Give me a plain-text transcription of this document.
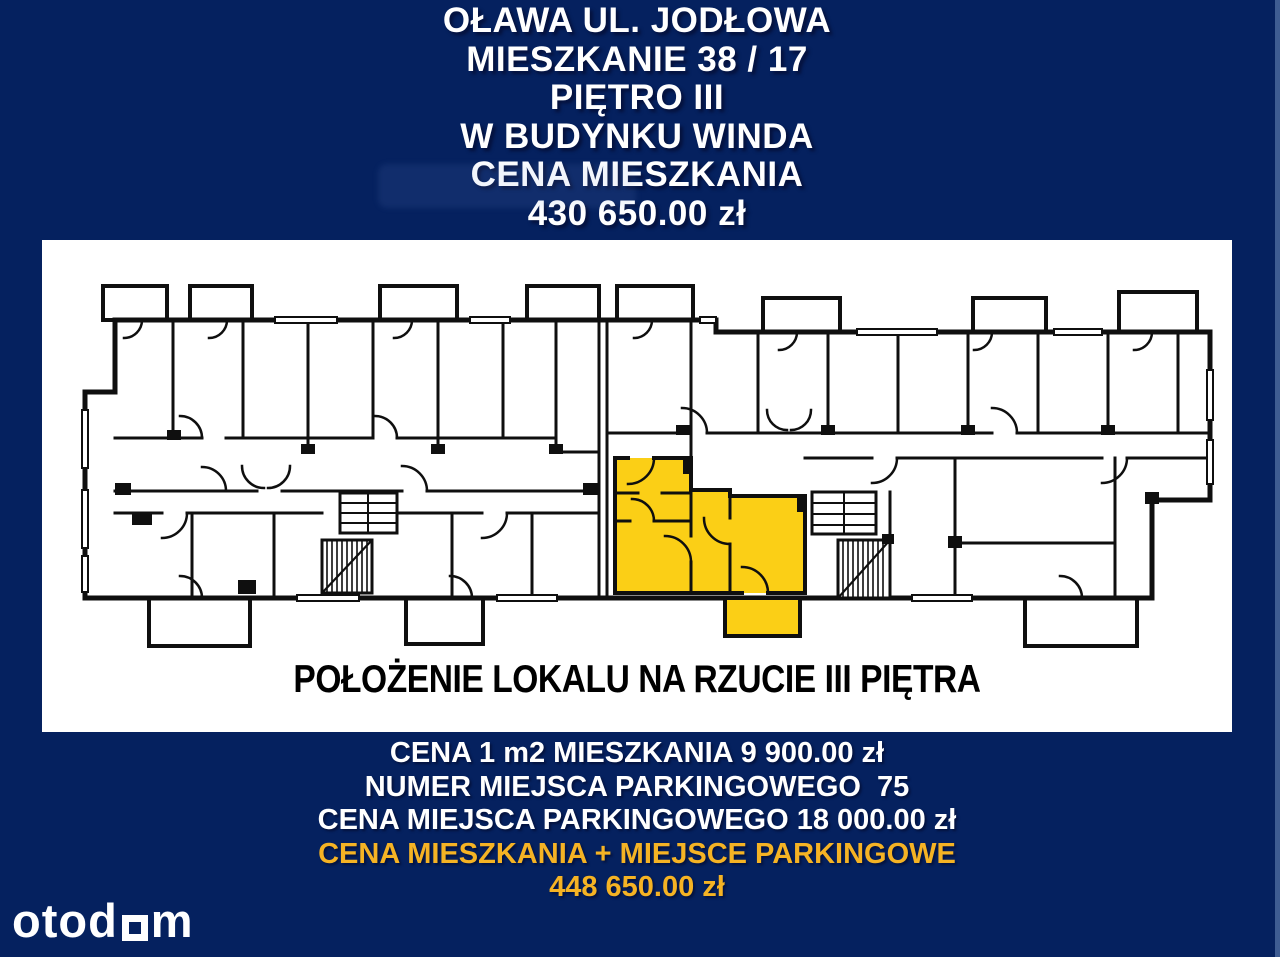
OŁAWA UL. JODŁOWA
MIESZKANIE 38 / 17
PIĘTRO III
W BUDYNKU WINDA
CENA MIESZKANIA
430 650.00 zł
POŁOŻENIE LOKALU NA RZUCIE III PIĘTRA
CENA 1 m2 MIESZKANIA 9 900.00 zł
NUMER MIEJSCA PARKINGOWEGO  75
CENA MIEJSCA PARKINGOWEGO 18 000.00 zł
CENA MIESZKANIA + MIEJSCE PARKINGOWE
448 650.00 zł
otod m
